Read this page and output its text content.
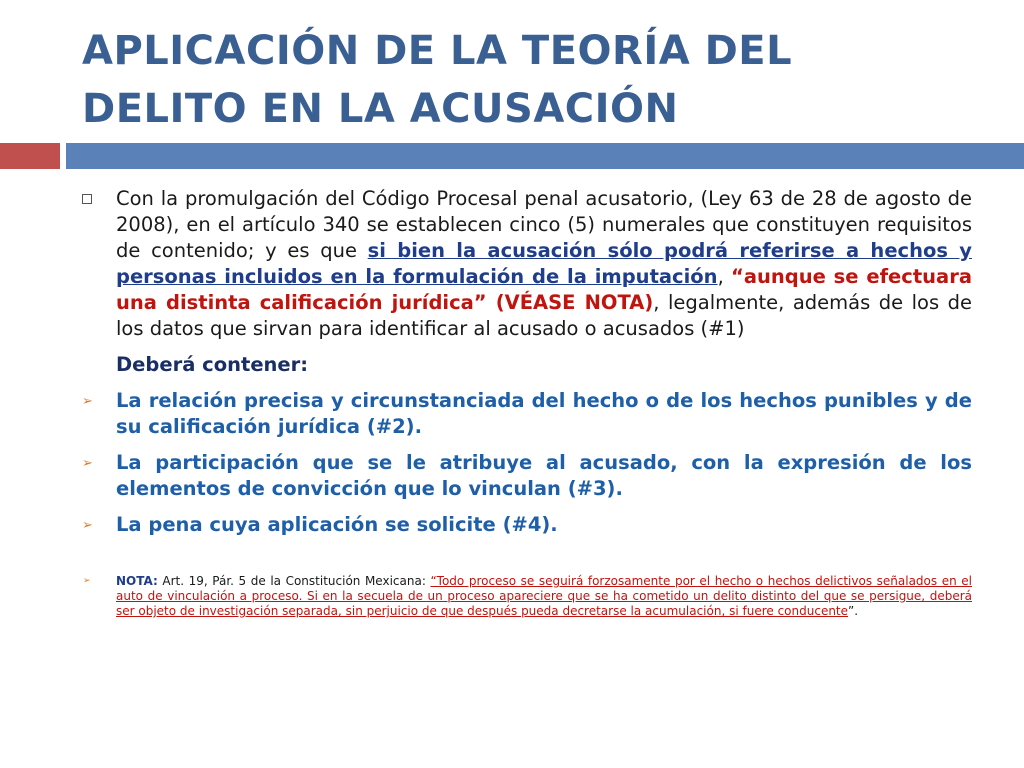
APLICACIÓN DE LA TEORÍA DEL
DELITO EN LA ACUSACIÓN
Con la promulgación del Código Procesal penal acusatorio, (Ley 63 de 28 de agosto de 2008), en el artículo 340 se establecen cinco (5) numerales que constituyen requisitos de contenido; y es que si bien la acusación sólo podrá referirse a hechos y personas incluidos en la formulación de la imputación, “aunque se efectuara una distinta calificación jurídica” (VÉASE NOTA), legalmente, además de los de los datos que sirvan para identificar al acusado o acusados (#1)
Deberá contener:
➢ La relación precisa y circunstanciada del hecho o de los hechos punibles y de su calificación jurídica (#2).
➢ La participación que se le atribuye al acusado, con la expresión de los elementos de convicción que lo vinculan (#3).
➢ La pena cuya aplicación se solicite (#4).
➢ NOTA: Art. 19, Pár. 5 de la Constitución Mexicana: “Todo proceso se seguirá forzosamente por el hecho o hechos delictivos señalados en el auto de vinculación a proceso. Si en la secuela de un proceso apareciere que se ha cometido un delito distinto del que se persigue, deberá ser objeto de investigación separada, sin perjuicio de que después pueda decretarse la acumulación, si fuere conducente”.
